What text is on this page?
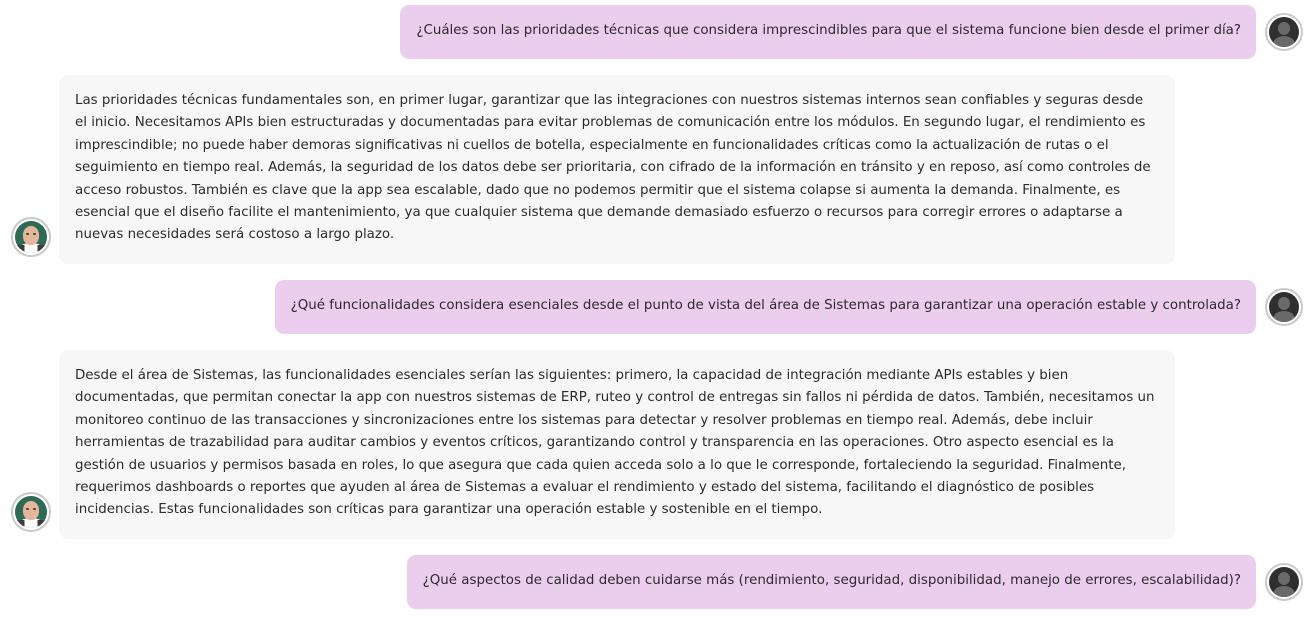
¿Cuáles son las prioridades técnicas que considera imprescindibles para que el sistema funcione bien desde el primer día?
Las prioridades técnicas fundamentales son, en primer lugar, garantizar que las integraciones con nuestros sistemas internos sean confiables y seguras desde el inicio. Necesitamos APIs bien estructuradas y documentadas para evitar problemas de comunicación entre los módulos. En segundo lugar, el rendimiento es imprescindible; no puede haber demoras significativas ni cuellos de botella, especialmente en funcionalidades críticas como la actualización de rutas o el seguimiento en tiempo real. Además, la seguridad de los datos debe ser prioritaria, con cifrado de la información en tránsito y en reposo, así como controles de acceso robustos. También es clave que la app sea escalable, dado que no podemos permitir que el sistema colapse si aumenta la demanda. Finalmente, es esencial que el diseño facilite el mantenimiento, ya que cualquier sistema que demande demasiado esfuerzo o recursos para corregir errores o adaptarse a nuevas necesidades será costoso a largo plazo.
¿Qué funcionalidades considera esenciales desde el punto de vista del área de Sistemas para garantizar una operación estable y controlada?
Desde el área de Sistemas, las funcionalidades esenciales serían las siguientes: primero, la capacidad de integración mediante APIs estables y bien documentadas, que permitan conectar la app con nuestros sistemas de ERP, ruteo y control de entregas sin fallos ni pérdida de datos. También, necesitamos un monitoreo continuo de las transacciones y sincronizaciones entre los sistemas para detectar y resolver problemas en tiempo real. Además, debe incluir herramientas de trazabilidad para auditar cambios y eventos críticos, garantizando control y transparencia en las operaciones. Otro aspecto esencial es la gestión de usuarios y permisos basada en roles, lo que asegura que cada quien acceda solo a lo que le corresponde, fortaleciendo la seguridad. Finalmente, requerimos dashboards o reportes que ayuden al área de Sistemas a evaluar el rendimiento y estado del sistema, facilitando el diagnóstico de posibles incidencias. Estas funcionalidades son críticas para garantizar una operación estable y sostenible en el tiempo.
¿Qué aspectos de calidad deben cuidarse más (rendimiento, seguridad, disponibilidad, manejo de errores, escalabilidad)?
